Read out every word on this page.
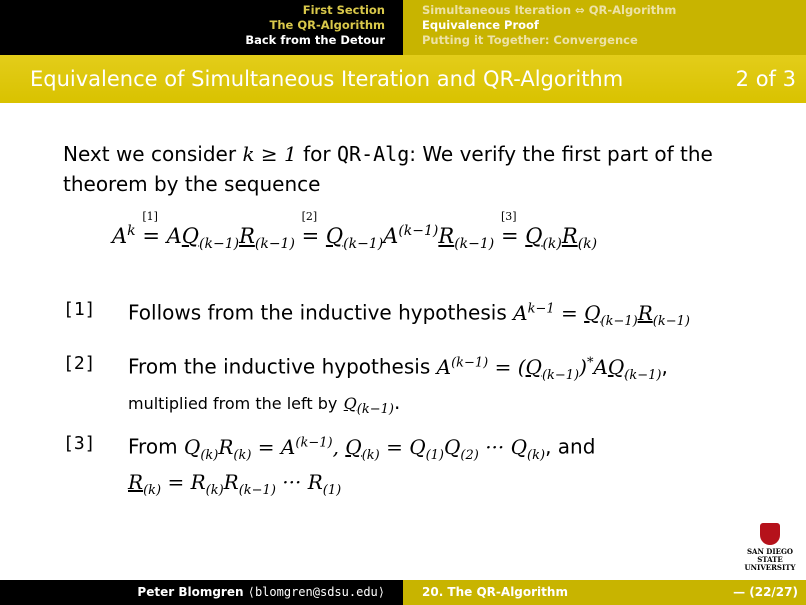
First Section
The QR-Algorithm
Back from the Detour
Simultaneous Iteration ⇔ QR-Algorithm
Equivalence Proof
Putting it Together: Convergence
Equivalence of Simultaneous Iteration and QR-Algorithm	2 of 3
Next we consider k ≥ 1 for QR-Alg: We verify the first part of the theorem by the sequence
$A^k$
[1]
= $AQ_{(k-1)}R_{(k-1)}$
[2]
= $Q_{(k-1)}A^{(k-1)}R_{(k-1)}$
[3]
= $Q_{(k)}R_{(k)}$
[1] Follows from the inductive hypothesis $A^{k-1} = Q_{(k-1)}R_{(k-1)}$
[2] From the inductive hypothesis $A^{(k-1)} = (Q_{(k-1)})^*AQ_{(k-1)}$,
multiplied from the left by $Q_{(k-1)}$.
[3] From $Q_{(k)}R_{(k)} = A^{(k-1)}$, $Q_{(k)} = Q_{(1)}Q_{(2)}$ ··· $Q_{(k)}$, and
$R_{(k)} = R_{(k)}R_{(k-1)}$ ··· $R_{(1)}$
SAN DIEGO STATE
UNIVERSITY
Peter Blomgren ⟨blomgren@sdsu.edu⟩	20. The QR-Algorithm	— (22/27)
